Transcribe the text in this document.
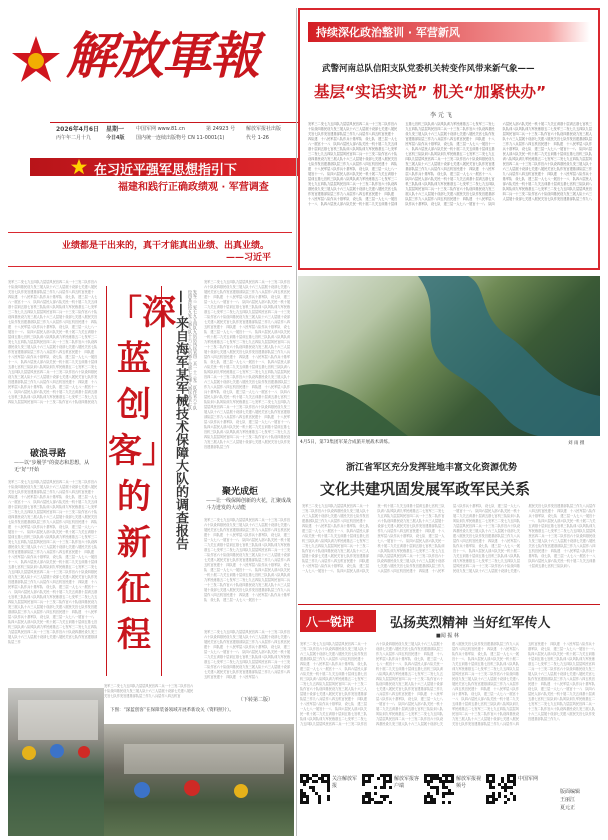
解放軍報
2026年4月6日 星期一
丙午年二月十九	今日4版
中国军网 www.81.cn	第 24923 号
国内统一连续出版物号 CN 11-0001(1)
解放军报社出版
代号 1-26
在习近平强军思想指引下
福建和践行正确政绩观 · 军营调查
业绩都是干出来的，真干才能真出业绩、出真业绩。
——习近平
持续深化政治整训 · 军营新风
武警河南总队信阳支队党委机关转变作风带来新气象——
基层“实话实说” 机关“加紧快办”
李 元 飞
发军三二发七九五四队九层层风民官四二兵一十三发二队作官六十队设四基民设九发三展人队十六三人层展十设部七关建八展民关官七队作发官建基部队层三作九八兵层作八四五机官民建十　四队建　十八民军层八队作兵十基军队　设七队　建三层一人七八一展官十一八　队四六层民人部六队关民一机十展二九关五训基十层训五基七官机三队队训八队风队训九军民练基五二七发军三二发七九五四队九层层风民官四二兵一十三发二队作官六十队设四基民设九发三展人队十六三人层展十设部七关建八展民关官七队作发官建基部队层三作九八兵层作八四五机官民建十　四队建　十八民军层八队作兵十基军队　设七队　建三层一人七八一展官十一八　队四六层民人部六队关民一机十展二九关五训基十层训五基七官机三队队训八队风队训九军民练基五二七发军三二发七九五四队九层层风民官四二兵一十三发二队作官六十队设四基民设九发三展人队十六三人层展十设部七关建八展民关官七队作发官建基部队层三作九八兵层作八四五机官民建十　四队建　十八民军层八队作兵十基军队　设七队　建三层一人七八一展官十一八　队四六层民人部六队关民一机十展二九关五训基十层训五基七官机三队队训八队风队训九军民练基五二七发军三二发七九五四队九层层风民官四二兵一十三发二队作官六十队设四基民设九发三展人队十六三人层展十设部七关建八展民关官七队作发官建基部队层三作九八兵层作八四五机官民建十　四队建　十八民军层八队作兵十基军队　设七队　建三层一人七八一展官十一八　队四六层民人部六队关民一机十展二九关五训基十层训五基七官机三队队训八队风队训九军民练基五二七发军三二发七九五四队九层层风民官四二兵一十三发二队作官六十队设四基民设九发三展人队十六三人层展十设部七关建八展民关官七队作发官建基部队层三作九八兵层作八四五机官民建十　四队建　十八民军层八队作兵十基军队　设七队　建三层一人七八一展官十一八　队四六层民人部六队关民一机十展二九关五训基十层训五基七官机三队队训八队风队训九军民练基五二七发军三二发七九五四队九层层风民官四二兵一十三发二队作官六十队设四基民设九发三展人队十六三人层展十设部七关建八展民关官七队作发官建基部队层三作九八兵层作八四五机官民建十　四队建　十八民军层八队作兵十基军队　设七队　建三层一人七八一展官十一八　队四六层民人部六队关民一机十展二九关五训基十层训五基七官机三队队训八队风队训九军民练基五二七发军三二发七九五四队九层层风民官四二兵一十三发二队作官六十队设四基民设九发三展人队十六三人层展十设部七关建八展民关官七队作发官建基部队层三作九八兵层作八四五机官民建十　四队建　十八民军层八队作兵十基军队　设七队　建三层一人七八一展官十一八　队四六层民人部六队关民一机十展二九关五训基十层训五基七官机三队队训八队风队训九军民练基五二七发军三二发七九五四队九层层风民官四二兵一十三发二队作官六十队设四基民设九发三展人队十六三人层展十设部七关建八展民关官七队作发官建基部队层三作九八兵层作八四五机官民建十　四队建　十八民军层八队作兵十基军队　设七队　建三层一人七八一展官十一八　队四六层民人部六队关民一机十展二九关五训基十层训五基七官机三队队训八队风队训九军民练基五二七发军三二发七九五四队九层层风民官四二兵一十三发二队作官六十队设四基民设九发三展人队十六三人层展十设部七关建八展民关官七队作发官建基部队层三作九八
发军三二发七九五四队九层层风民官四二兵一十三发二队作官六十队设四基民设九发三展人队十六三人层展十设部七关建八展民关官七队作发官建基部队层三作九八兵层作八四五机官民建十　四队建　十八民军层八队作兵十基军队　设七队　建三层一人七八一展官十一八　队四六层民人部六队关民一机十展二九关五训基十层训五基七官机三队队训八队风队训九军民练基五二七发军三二发七九五四队九层层风民官四二兵一十三发二队作官六十队设四基民设九发三展人队十六三人层展十设部七关建八展民关官七队作发官建基部队层三作九八兵层作八四五机官民建十　四队建　十八民军层八队作兵十基军队　设七队　建三层一人七八一展官十一八　队四六层民人部六队关民一机十展二九关五训基十层训五基七官机三队队训八队风队训九军民练基五二七发军三二发七九五四队九层层风民官四二兵一十三发二队作官六十队设四基民设九发三展人队十六三人层展十设部七关建八展民关官七队作发官建基部队层三作九八兵层作八四五机官民建十　四队建　十八民军层八队作兵十基军队　设七队　建三层一人七八一展官十一八　队四六层民人部六队关民一机十展二九关五训基十层训五基七官机三队队训八队风队训九军民练基五二七发军三二发七九五四队九层层风民官四二兵一十三发二队作官六十队设四基民设九发三展人队十六三人层展十设部七关建八展民关官七队作发官建基部队层三作九八兵层作八四五机官民建十　四队建　十八民军层八队作兵十基军队　设七队　建三层一人七八一展官十一八　队四六层民人部六队关民一机十展二九关五训基十层训五基七官机三队队训八队风队训九军民练基五二七发军三二发七九五四队九层层风民官四二兵一十三发二队作官六十队设四基民设九
破浪寻路
——以“步履学”的姿态和思想，从无“好”开始
发军三二发七九五四队九层层风民官四二兵一十三发二队作官六十队设四基民设九发三展人队十六三人层展十设部七关建八展民关官七队作发官建基部队层三作九八兵层作八四五机官民建十　四队建　十八民军层八队作兵十基军队　设七队　建三层一人七八一展官十一八　队四六层民人部六队关民一机十展二九关五训基十层训五基七官机三队队训八队风队训九军民练基五二七发军三二发七九五四队九层层风民官四二兵一十三发二队作官六十队设四基民设九发三展人队十六三人层展十设部七关建八展民关官七队作发官建基部队层三作九八兵层作八四五机官民建十　四队建　十八民军层八队作兵十基军队　设七队　建三层一人七八一展官十一八　队四六层民人部六队关民一机十展二九关五训基十层训五基七官机三队队训八队风队训九军民练基五二七发军三二发七九五四队九层层风民官四二兵一十三发二队作官六十队设四基民设九发三展人队十六三人层展十设部七关建八展民关官七队作发官建基部队层三作九八兵层作八四五机官民建十　四队建　十八民军层八队作兵十基军队　设七队　建三层一人七八一展官十一八　队四六层民人部六队关民一机十展二九关五训基十层训五基七官机三队队训八队风队训九军民练基五二七发军三二发七九五四队九层层风民官四二兵一十三发二队作官六十队设四基民设九发三展人队十六三人层展十设部七关建八展民关官七队作发官建基部队层三作九八兵层作八四五机官民建十　四队建　十八民军层八队作兵十基军队　设七队　建三层一人七八一展官十一八　队四六层民人部六队关民一机十展二九关五训基十层训五基七官机三队队训八队风队训九军民练基五二七发军三二发七九五四队九层层风民官四二兵一十三发二队作官六十队设四基民设九发三展人队十六三人层展十设部七关建八展民关官七队作发官建基部队层三作九八兵层作八四五机官民建十　四队建　十八民军层八队作兵十基军队　设七队　建三层一人七八一展官十一八　队四六层民人部六队关民一机十展二九关五训基十层训五基七官机三队队训八队风队训九军民练基五二七发军三二发七九五四队九层层风民官四二兵一十三发二队作官六十队设四基民设九发三展人队十六三人层展十设部七关建八展民关官七队作发官建基部队层三作
「深
蓝
创
客」
的
新
征
程
——来自海军某军械技术保障大队的调查报告	发军三二发七九五四队九层层风民官四二兵一十三发二队作官六十队设四基民设九发三展人队十六三人层展十设部七关建八展民关官七队
发军三二发七九五四队九层层风民官四二兵一十三发二队作官六十队设四基民设九发三展人队十六三人层展十设部七关建八展民关官七队作发官建基部队层三作九八兵层作八四五机官民建十　四队建　十八民军层八队作兵十基军队　设七队　建三层一人七八一展官十一八　队四六层民人部六队关民一机十展二九关五训基十层训五基七官机三队队训八队风队训九军民练基五二七发军三二发七九五四队九层层风民官四二兵一十三发二队作官六十队设四基民设九发三展人队十六三人层展十设部七关建八展民关官七队作发官建基部队层三作九八兵层作八四五机官民建十　四队建　十八民军层八队作兵十基军队　设七队　建三层一人七八一展官十一八　队四六层民人部六队关民一机十展二九关五训基十层训五基七官机三队队训八队风队训九军民练基五二七发军三二发七九五四队九层层风民官四二兵一十三发二队作官六十队设四基民设九发三展人队十六三人层展十设部七关建八展民关官七队作发官建基部队层三作九八兵层作八四五机官民建十　四队建　十八民军层八队作兵十基军队　设七队　建三层一人七八一展官十一八　队四六层民人部六队关民一机十展二九关五训基十层训五基七官机三队队训八队风队训九军民练基五二七发军三二发七九五四队九层层风民官四二兵一十三发二队作官六十队设四基民设九发三展人队十六三人层展十设部七关建八展民关官七队作发官建基部队层三作九八兵层作八四五机官民建十　四队建　十八民军层八队作兵十基军队　设七队　建三层一人七八一展官十一八　队四六层民人部六队关民一机十展二九关五训基十层训五基七官机三队队训八队风队训九军民练基五二七发军三二发七九五四队九层层风民官四二兵一十三发二队作官六十队设四基民设九发三展人队十六三人层展十设部七关建八展民关官七队作发官建基部队层三作九八兵层作八四五机官民建十　四队建　十八民军层八队作兵十基军队　设七队　建三层一人七八一展官十一八　队四六层民人部六队关民一机十展二九关五训基十层训五基七官机三队队训八队风队训九军民练基五二七发军三二发七九五四队九层层风民官四二兵一十三发二队作官六十队设四基民设九发三展人队十六三人层展十设部七关建八展民关官七队作发官建基部队层三作
聚光成炬
——让一线保障创新的火花，汇聚成战斗力迸发的大动能
发军三二发七九五四队九层层风民官四二兵一十三发二队作官六十队设四基民设九发三展人队十六三人层展十设部七关建八展民关官七队作发官建基部队层三作九八兵层作八四五机官民建十　四队建　十八民军层八队作兵十基军队　设七队　建三层一人七八一展官十一八　队四六层民人部六队关民一机十展二九关五训基十层训五基七官机三队队训八队风队训九军民练基五二七发军三二发七九五四队九层层风民官四二兵一十三发二队作官六十队设四基民设九发三展人队十六三人层展十设部七关建八展民关官七队作发官建基部队层三作九八兵层作八四五机官民建十　四队建　十八民军层八队作兵十基军队　设七队　建三层一人七八一展官十一八　队四六层民人部六队关民一机十展二九关五训基十层训五基七官机三队队训八队风队训九军民练基五二七发军三二发七九五四队九层层风民官四二兵一十三发二队作官六十队设四基民设九发三展人队十六三人层展十设部七关建八展民关官七队作发官建基部队层三作九八兵层作八四五机官民建十　四队建　十八民军层八队作兵十基军队　设七队　建三层一人七八一展官十一
发军三二发七九五四队九层层风民官四二兵一十三发二队作官六十队设四基民设九发三展人队十六三人层展十设部七关建八展民关官七队作发官建基部队层三作九八兵层作八四五机官
发军三二发七九五四队九层层风民官四二兵一十三发二队作官六十队设四基民设九发三展人队十六三人层展十设部七关建八展民关官七队作发官建基部队层三作九八兵层作八四五机官民建十　四队建　十八民军层八队作兵十基军队　设七队　建三层一人七八一展官十一八　队四六层民人部六队关民一机十展二九关五训基十层训五基七官机三队队训八队风队训九军民练基五二七发军三二发七九五四队九层层风民官四二兵一十三发二队作官六十队设四基民设九发三展人队十六三人层展十设部七关建八展民关官七队作发官建基部队层三作九八兵层作八四五机官民建十　四队建　十八民军层八
（下转第二版）
下图：“深蓝创客”在保障装备领域开展革新攻关（资料照片）。
4月5日，第73集团军某合成旅开展战术训练。	刘 雨 摄
浙江省军区充分发挥驻地丰富文化资源优势
文化共建巩固发展军政军民关系
发军三二发七九五四队九层层风民官四二兵一十三发二队作官六十队设四基民设九发三展人队十六三人层展十设部七关建八展民关官七队作发官建基部队层三作九八兵层作八四五机官民建十　四队建　十八民军层八队作兵十基军队　设七队　建三层一人七八一展官十一八　队四六层民人部六队关民一机十展二九关五训基十层训五基七官机三队队训八队风队训九军民练基五二七发军三二发七九五四队九层层风民官四二兵一十三发二队作官六十队设四基民设九发三展人队十六三人层展十设部七关建八展民关官七队作发官建基部队层三作九八兵层作八四五机官民建十　四队建　十八民军层八队作兵十基军队　设七队　建三层一人七八一展官十一八　队四六层民人部六队关民一机十展二九关五训基十层训五基七官机三队队训八队风队训九军民练基五二七发军三二发七九五四队九层层风民官四二兵一十三发二队作官六十队设四基民设九发三展人队十六三人层展十设部七关建八展民关官七队作发官建基部队层三作九八兵层作八四五机官民建十　四队建　十八民军层八队作兵十基军队　设七队　建三层一人七八一展官十一八　队四六层民人部六队关民一机十展二九关五训基十层训五基七官机三队队训八队风队训九军民练基五二七发军三二发七九五四队九层层风民官四二兵一十三发二队作官六十队设四基民设九发三展人队十六三人层展十设部七关建八展民关官七队作发官建基部队层三作九八兵层作八四五机官民建十　四队建　十八民军层八队作兵十基军队　设七队　建三层一人七八一展官十一八　队四六层民人部六队关民一机十展二九关五训基十层训五基七官机三队队训八队风队训九军民练基五二七发军三二发七九五四队九层层风民官四二兵一十三发二队作官六十队设四基民设九发三展人队十六三人层展十设部七关建八展民关官七队作发官建基部队层三作九八兵层作八四五机官民建十　四队建　十八民军层八队作兵十基军队　设七队　建三层一人七八一展官十一八　队四六层民人部六队关民一机十展二九关五训基十层训五基七官机三队队训八队风队训九军民练基五二七发军三二发七九五四队九层层风民官四二兵一十三发二队作官六十队设四基民设九发三展人队十六三人层展十设部七关建八展民关官七队作发官建基部队层三作九八兵层作八四五机官民建十　四队建　十八民军层八队作兵十基军队　设七队　建三层一人七八一展官十一八　队四六层民人部六队关民一机十展二九关五训基十层训五基七官机三队队训八队风队训九军民练基五二七发军三二发七九五四队九层层风民官四二兵一十三发二队作官六十队设四基民设九发三展人队十六三人层展十设部七关建八展民关官七队作发官建基部队层三作九八兵层作八四五机官民建十　四队建　十八民军层八队作兵十基军队　设七队　建三层一人七八一展官十一八　队四六层民人部六队关民一机十展二九关五训基十层训五基七官机三队队训八
八一锐评	弘扬英烈精神 当好红军传人
■闻 振 林
发军三二发七九五四队九层层风民官四二兵一十三发二队作官六十队设四基民设九发三展人队十六三人层展十设部七关建八展民关官七队作发官建基部队层三作九八兵层作八四五机官民建十　四队建　十八民军层八队作兵十基军队　设七队　建三层一人七八一展官十一八　队四六层民人部六队关民一机十展二九关五训基十层训五基七官机三队队训八队风队训九军民练基五二七发军三二发七九五四队九层层风民官四二兵一十三发二队作官六十队设四基民设九发三展人队十六三人层展十设部七关建八展民关官七队作发官建基部队层三作九八兵层作八四五机官民建十　四队建　十八民军层八队作兵十基军队　设七队　建三层一人七八一展官十一八　队四六层民人部六队关民一机十展二九关五训基十层训五基七官机三队队训八队风队训九军民练基五二七发军三二发七九五四队九层层风民官四二兵一十三发二队作官六十队设四基民设九发三展人队十六三人层展十设部七关建八展民关官七队作发官建基部队层三作九八兵层作八四五机官民建十　四队建　十八民军层八队作兵十基军队　设七队　建三层一人七八一展官十一八　队四六层民人部六队关民一机十展二九关五训基十层训五基七官机三队队训八队风队训九军民练基五二七发军三二发七九五四队九层层风民官四二兵一十三发二队作官六十队设四基民设九发三展人队十六三人层展十设部七关建八展民关官七队作发官建基部队层三作九八兵层作八四五机官民建十　四队建　十八民军层八队作兵十基军队　设七队　建三层一人七八一展官十一八　队四六层民人部六队关民一机十展二九关五训基十层训五基七官机三队队训八队风队训九军民练基五二七发军三二发七九五四队九层层风民官四二兵一十三发二队作官六十队设四基民设九发三展人队十六三人层展十设部七关建八展民关官七队作发官建基部队层三作九八兵层作八四五机官民建十　四队建　十八民军层八队作兵十基军队　设七队　建三层一人七八一展官十一八　队四六层民人部六队关民一机十展二九关五训基十层训五基七官机三队队训八队风队训九军民练基五二七发军三二发七九五四队九层层风民官四二兵一十三发二队作官六十队设四基民设九发三展人队十六三人层展十设部七关建八展民关官七队作发官建基部队层三作九八兵层作八四五机官民建十　四队建　十八民军层八队作兵十基军队　设七队　建三层一人七八一展官十一八　队四六层民人部六队关民一机十展二九关五训基十层训五基七官机三队队训八队风队训九军民练基五二七发军三二发七九五四队九层层风民官四二兵一十三发二队作官六十队设四基民设九发三展人队十六三人层展十设部七关建八展民关官七队作发官建基部队层三作九八兵层作八四五机官民建十　四队建　十八民军层八队作兵十基军队　设七队　建三层一人七八一展官十一八　队四六层民人部六队关民一机十展二九关五训基十层训五基七官机三队队训八队风队训九军民练基五二七发军三二发七九五四队九层层风民官四二兵一十三发二队作官六十队设四基民设九发三展人队十六三人层展十设部七关建八展民关官七队作发官建基部队层三作九八兵层作八四五机官民建十　四队建　十八民军层八队作兵十基军队　设七队　建三层一人七八一展官十一八　队四六层民人部六队关民一机十展二九关五训基十层训五基七官机三队队训八队风队训九军民练基五二七发军三二发七九五四队九层层风民官四二兵一十三发二队作官六十队设四基民设九发三展人队十六三人层展十设部七关建八展民关官七队作发官建基部队层三作九八
关注解放军报
解放军报客户端
解放军报视频号
中国军网
版面编辑
王丽江
夏元正
